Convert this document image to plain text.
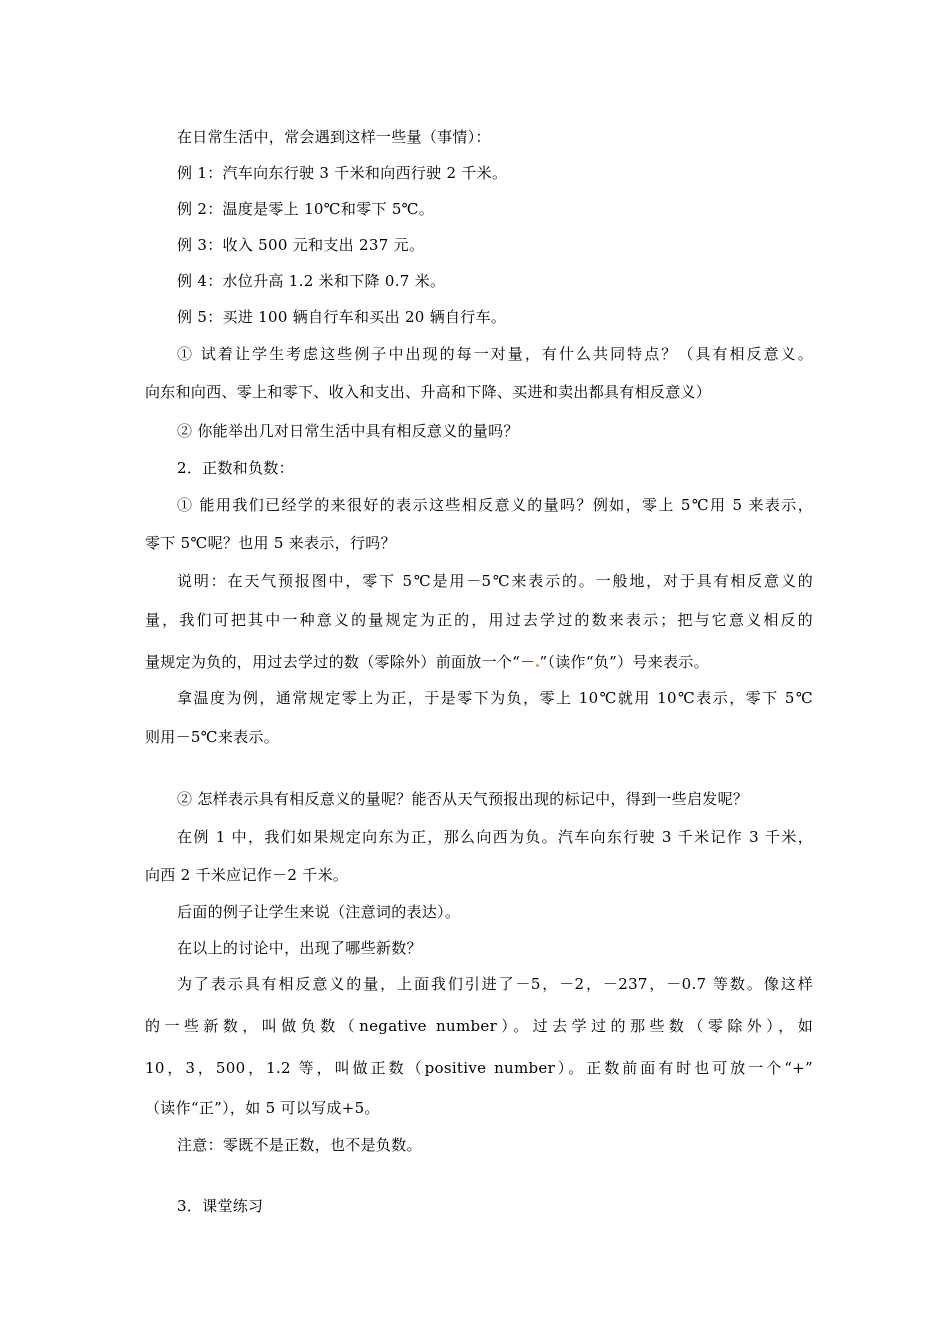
在日常生活中，常会遇到这样一些量（事情）：
例 1：汽车向东行驶 3 千米和向西行驶 2 千米。
例 2：温度是零上 10℃和零下 5℃。
例 3：收入 500 元和支出 237 元。
例 4：水位升高 1.2 米和下降 0.7 米。
例 5：买进 100 辆自行车和买出 20 辆自行车。
① 试着让学生考虑这些例子中出现的每一对量，有什么共同特点？（具有相反意义。
向东和向西、零上和零下、收入和支出、升高和下降、买进和卖出都具有相反意义）
② 你能举出几对日常生活中具有相反意义的量吗？
2．正数和负数：
① 能用我们已经学的来很好的表示这些相反意义的量吗？例如，零上 5℃用 5 来表示，
零下 5℃呢？也用 5 来表示，行吗？
说明：在天气预报图中，零下 5℃是用－5℃来表示的。一般地，对于具有相反意义的
量，我们可把其中一种意义的量规定为正的，用过去学过的数来表示；把与它意义相反的
量规定为负的，用过去学过的数（零除外）前面放一个“－ ”（读作“负”）号来表示。
拿温度为例，通常规定零上为正，于是零下为负，零上 10℃就用 10℃表示，零下 5℃
则用－5℃来表示。
② 怎样表示具有相反意义的量呢？能否从天气预报出现的标记中，得到一些启发呢？
在例 1 中，我们如果规定向东为正，那么向西为负。汽车向东行驶 3 千米记作 3 千米，
向西 2 千米应记作－2 千米。
后面的例子让学生来说（注意词的表达）。
在以上的讨论中，出现了哪些新数？
为了表示具有相反意义的量，上面我们引进了－5，－2，－237，－0.7 等数。像这样
的一些新数，叫做负数（negative number）。过去学过的那些数（零除外），如
10，3，500，1.2 等，叫做正数（positive number）。正数前面有时也可放一个“+”
（读作“正”），如 5 可以写成+5。
注意：零既不是正数，也不是负数。
3．课堂练习
